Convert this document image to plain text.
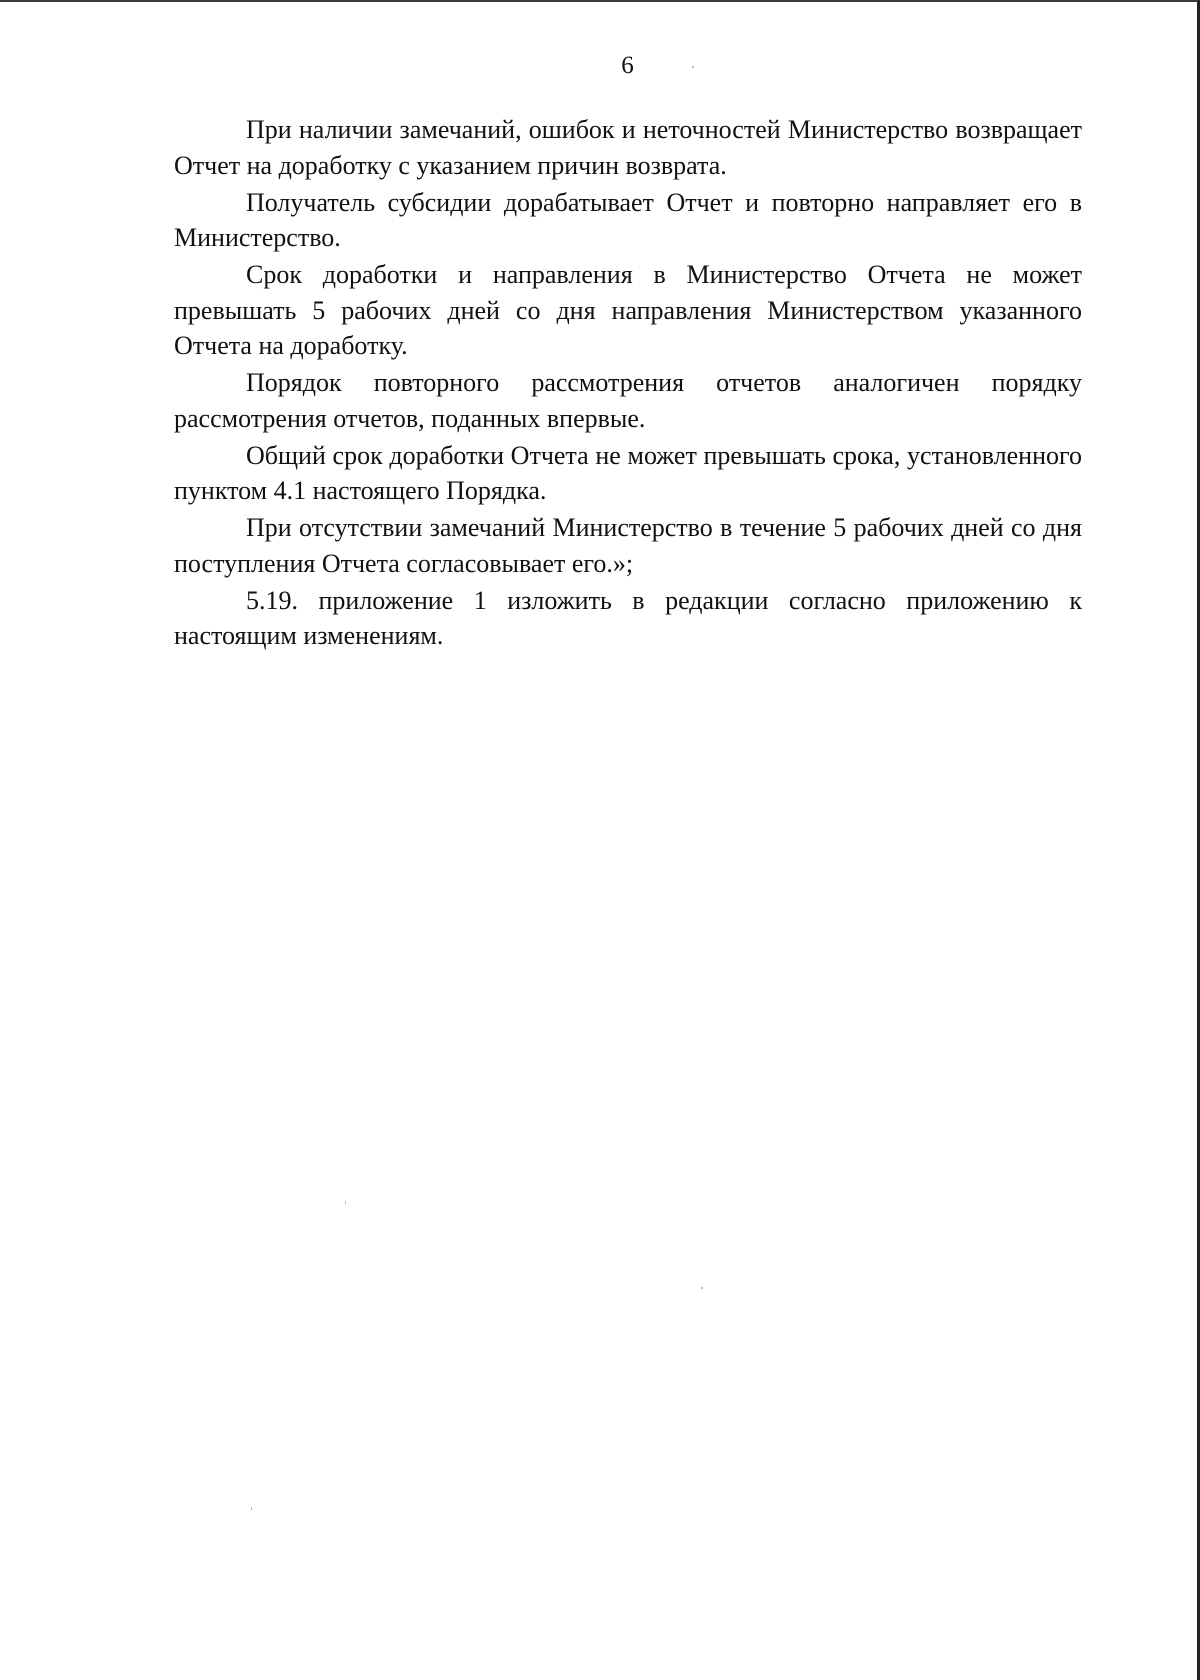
6

При наличии замечаний, ошибок и неточностей Министерство возвращает Отчет на доработку с указанием причин возврата.

Получатель субсидии дорабатывает Отчет и повторно направляет его в Министерство.

Срок доработки и направления в Министерство Отчета не может превышать 5 рабочих дней со дня направления Министерством указанного Отчета на доработку.

Порядок повторного рассмотрения отчетов аналогичен порядку рассмотрения отчетов, поданных впервые.

Общий срок доработки Отчета не может превышать срока, установленного пунктом 4.1 настоящего Порядка.

При отсутствии замечаний Министерство в течение 5 рабочих дней со дня поступления Отчета согласовывает его.»;

5.19. приложение 1 изложить в редакции согласно приложению к настоящим изменениям.
